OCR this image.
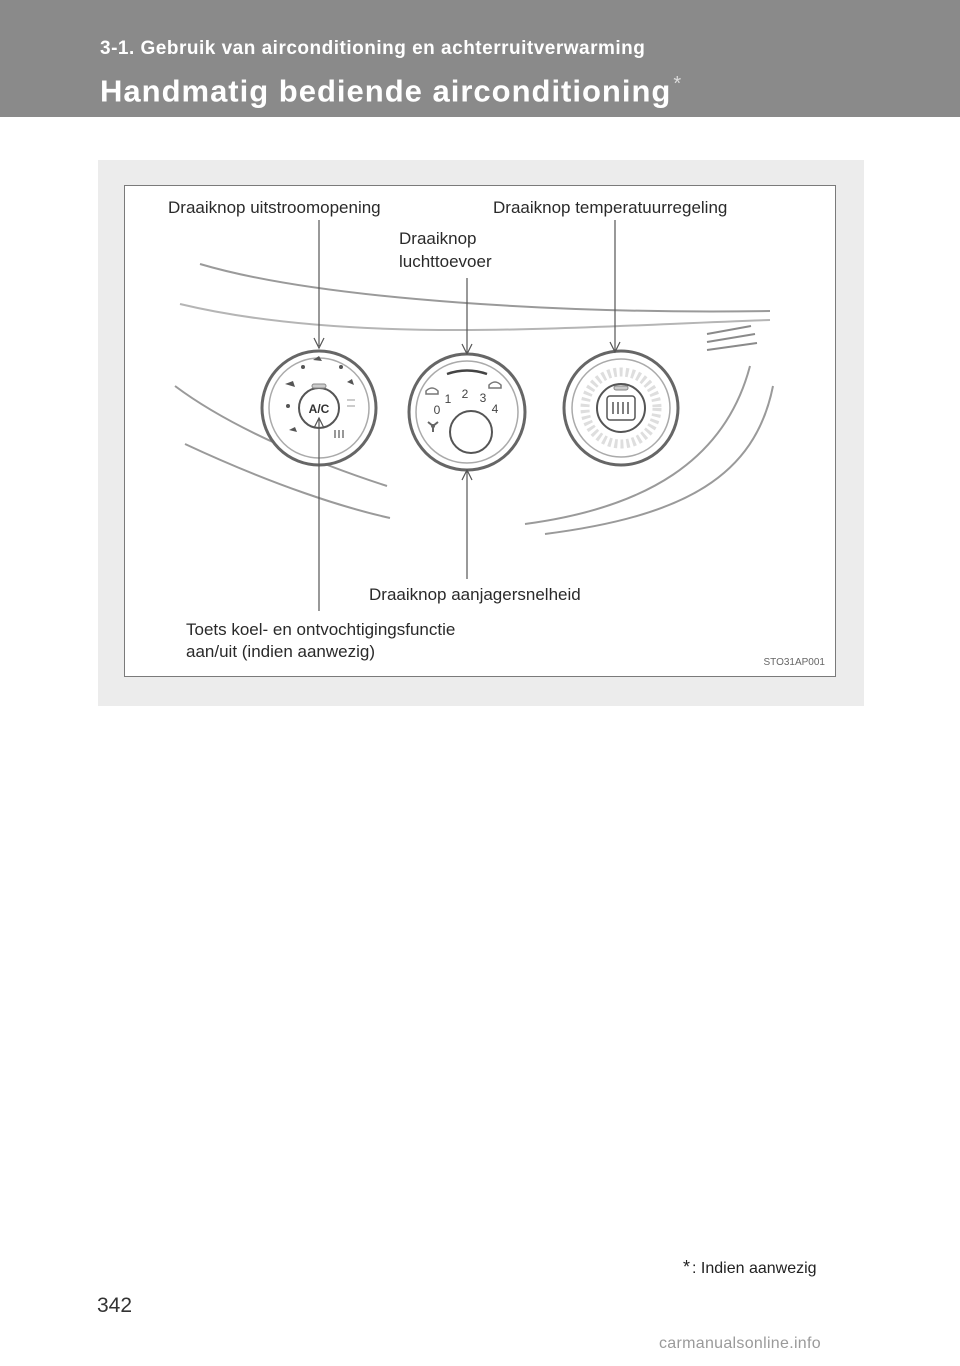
3-1. Gebruik van airconditioning en achterruitverwarming
Handmatig bediende airconditioning *
A/C	0
1 2 3
4
Draaiknop uitstroomopening	Draaiknop temperatuurregeling
Draaiknop
luchttoevoer
Draaiknop aanjagersnelheid
Toets koel- en ontvochtigingsfunctie
aan/uit (indien aanwezig)
STO31AP001
* : Indien aanwezig
342
carmanualsonline.info
